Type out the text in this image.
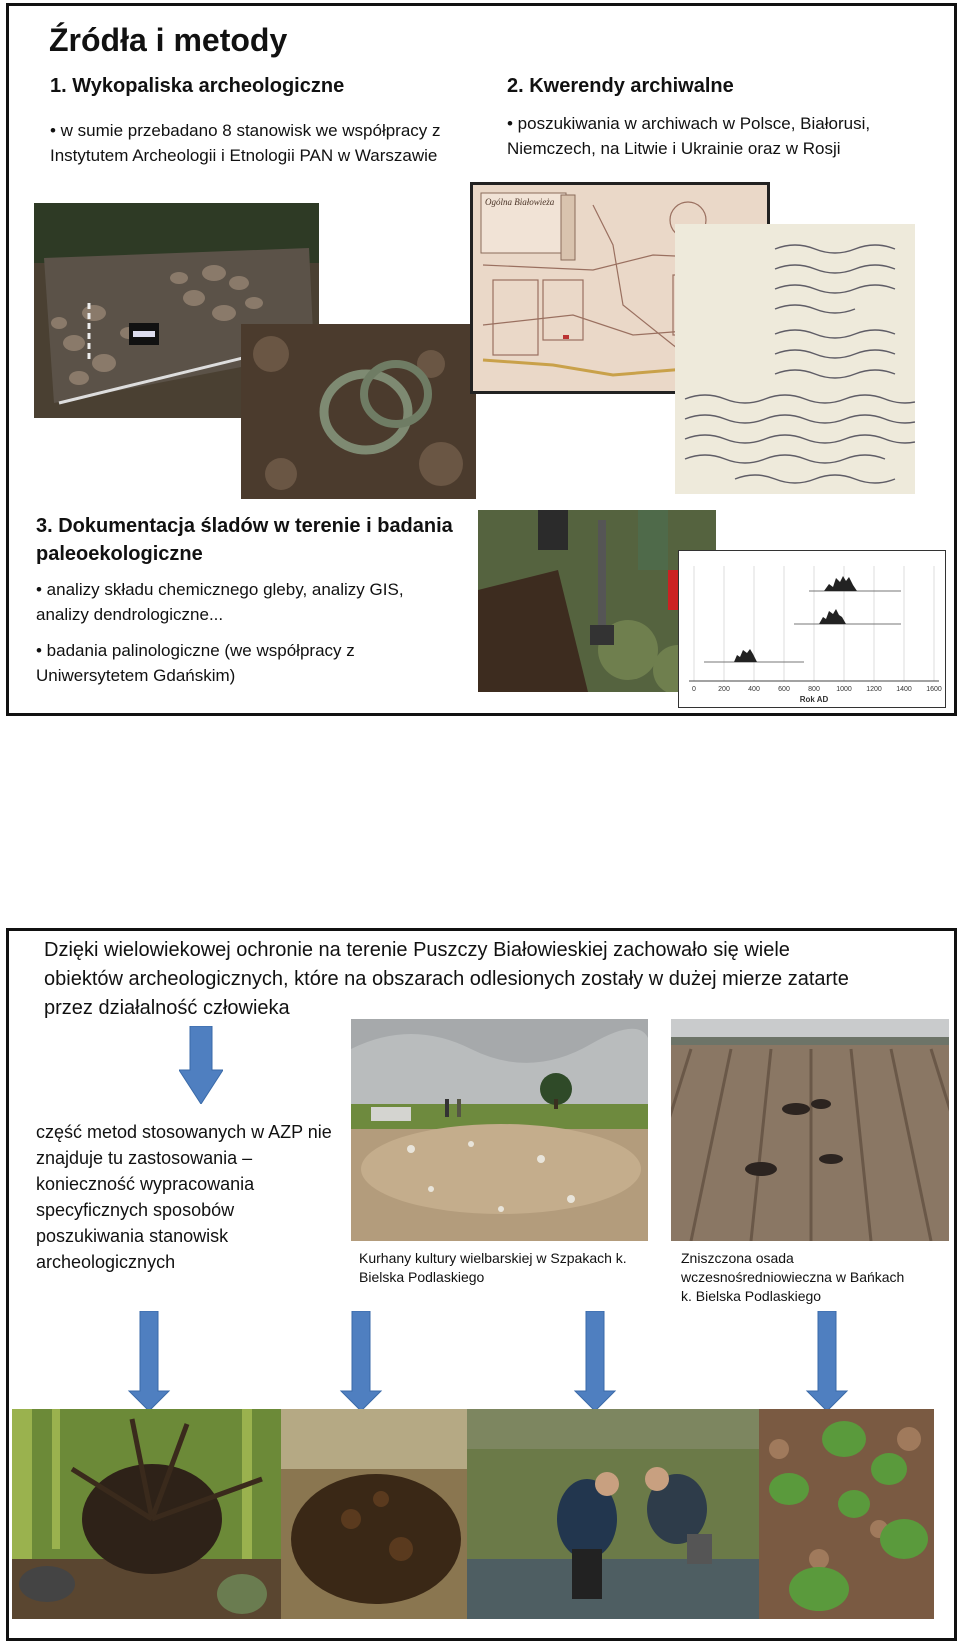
Źródła i metody
1. Wykopaliska archeologiczne
• w sumie przebadano 8 stanowisk we współpracy z Instytutem Archeologii i Etnologii PAN w Warszawie
2. Kwerendy archiwalne
• poszukiwania w archiwach w Polsce, Białorusi, Niemczech, na Litwie i Ukrainie oraz w Rosji
Ogólna Białowieża
3. Dokumentacja śladów w terenie i badania paleoekologiczne
• analizy składu chemicznego gleby, analizy GIS, analizy dendrologiczne...
• badania palinologiczne (we współpracy z Uniwersytetem Gdańskim)
0	200	400	600	800 1000 1200 1400 1600
Rok AD
Dzięki wielowiekowej ochronie na terenie Puszczy Białowieskiej zachowało się wiele obiektów archeologicznych, które na obszarach odlesionych zostały w dużej mierze zatarte przez działalność człowieka
część metod stosowanych w AZP nie znajduje tu zastosowania – konieczność wypracowania specyficznych sposobów poszukiwania stanowisk archeologicznych	Kurhany kultury wielbarskiej w Szpakach k. Bielska Podlaskiego
Zniszczona osada wczesnośredniowieczna w Bańkach k. Bielska Podlaskiego
